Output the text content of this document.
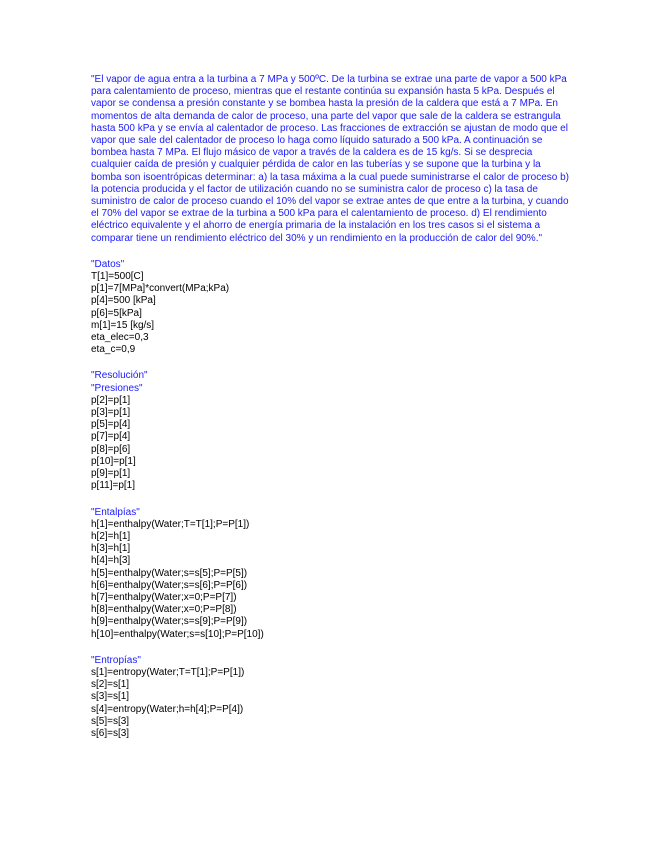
"El vapor de agua entra a la turbina a 7 MPa y 500ºC. De la turbina se extrae una parte de vapor a 500 kPa para calentamiento de proceso, mientras que el restante continúa su expansión hasta 5 kPa. Después el vapor se condensa a presión constante y se bombea hasta la presión de la caldera que está a 7 MPa. En momentos de alta demanda de calor de proceso, una parte del vapor que sale de la caldera se estrangula hasta 500 kPa y se envía al calentador de proceso. Las fracciones de extracción se ajustan de modo que el vapor que sale del calentador de proceso lo haga como líquido saturado a 500 kPa. A continuación se bombea hasta 7 MPa. El flujo másico de vapor a través de la caldera es de 15 kg/s. Si se desprecia cualquier caída de presión y cualquier pérdida de calor en las tuberías y se supone que la turbina y la bomba son isoentrópicas determinar: a) la tasa máxima a la cual puede suministrarse el calor de proceso b) la potencia producida y el factor de utilización cuando no se suministra calor de proceso c) la tasa de suministro de calor de proceso cuando el 10% del vapor se extrae antes de que entre a la turbina, y cuando el 70% del vapor se extrae de la turbina a 500 kPa para el calentamiento de proceso. d) El rendimiento eléctrico equivalente y el ahorro de energía primaria de la instalación en los tres casos si el sistema a comparar tiene un rendimiento eléctrico del 30% y un rendimiento en la producción de calor del 90%."

"Datos"
T[1]=500[C]
p[1]=7[MPa]*convert(MPa;kPa)
p[4]=500 [kPa]
p[6]=5[kPa]
m[1]=15 [kg/s]
eta_elec=0,3
eta_c=0,9
"Resolución"
"Presiones"
p[2]=p[1]
p[3]=p[1]
p[5]=p[4]
p[7]=p[4]
p[8]=p[6]
p[10]=p[1]
p[9]=p[1]
p[11]=p[1]
"Entalpías"
h[1]=enthalpy(Water;T=T[1];P=P[1])
h[2]=h[1]
h[3]=h[1]
h[4]=h[3]
h[5]=enthalpy(Water;s=s[5];P=P[5])
h[6]=enthalpy(Water;s=s[6];P=P[6])
h[7]=enthalpy(Water;x=0;P=P[7])
h[8]=enthalpy(Water;x=0;P=P[8])
h[9]=enthalpy(Water;s=s[9];P=P[9])
h[10]=enthalpy(Water;s=s[10];P=P[10])
"Entropías"
s[1]=entropy(Water;T=T[1];P=P[1])
s[2]=s[1]
s[3]=s[1]
s[4]=entropy(Water;h=h[4];P=P[4])
s[5]=s[3]
s[6]=s[3]
